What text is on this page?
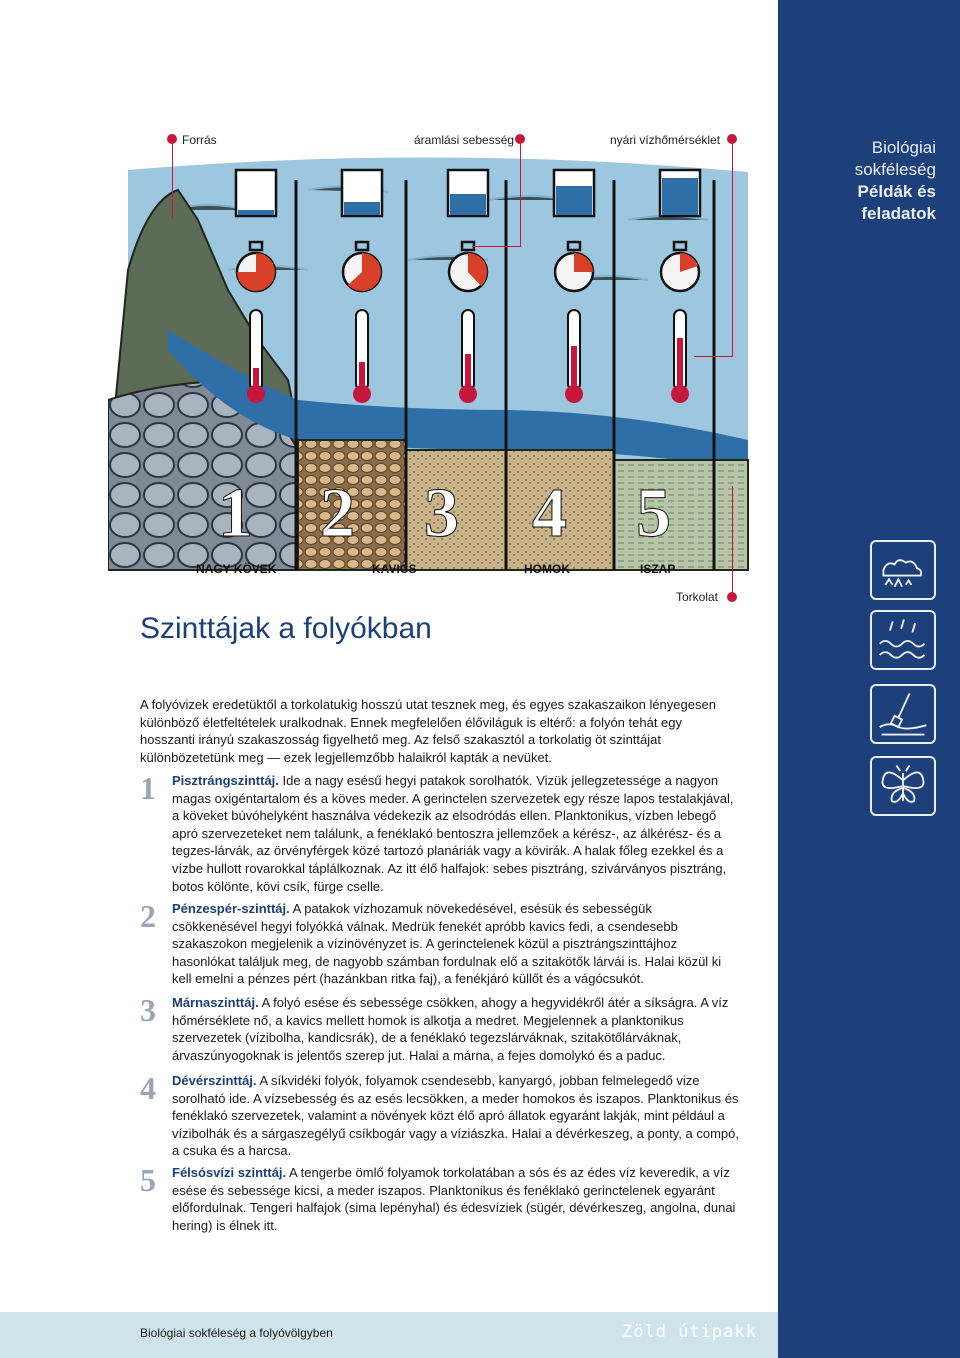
Biológiai
sokféleség
Példák és
feladatok
Forrás	áramlási sebesség	nyári vízhőmérséklet
Torkolat
1 2 3 4 5
NAGY KÖVEK	KAVICS	HOMOK	ISZAP
Szinttájak a folyókban

A folyóvizek eredetüktől a torkolatukig hosszú utat tesznek meg, és egyes szakaszaikon lényegesen különböző életfeltételek uralkodnak. Ennek megfelelően élőviláguk is eltérő: a folyón tehát egy hosszanti irányú szakaszosság figyelhető meg. Az felső szakasztól a torkolatig öt szinttájat különbözetetünk meg — ezek legjellemzőbb halaikról kapták a nevüket.

1 Pisztrángszinttáj. Ide a nagy esésű hegyi patakok sorolhatók. Vizük jellegzetessége a nagyon magas oxigéntartalom és a köves meder. A gerinctelen szervezetek egy része lapos testalakjával, a köveket búvóhelyként használva védekezik az elsodródás ellen. Planktonikus, vízben lebegő apró szervezeteket nem találunk, a fenéklakó bentoszra jellemzőek a kérész-, az álkérész- és a tegzes-lárvák, az örvényférgek közé tartozó planáriák vagy a kövirák. A halak főleg ezekkel és a vízbe hullott rovarokkal táplálkoznak. Az itt élő halfajok: sebes pisztráng, szivárványos pisztráng, botos kölönte, kövi csík, fürge cselle.

2 Pénzespér-szinttáj. A patakok vízhozamuk növekedésével, esésük és sebességük csökkenésével hegyi folyókká válnak. Medrük fenekét apróbb kavics fedi, a csendesebb szakaszokon megjelenik a vízinövényzet is. A gerinctelenek közül a pisztrángszinttájhoz hasonlókat találjuk meg, de nagyobb számban fordulnak elő a szitakötők lárvái is. Halai közül ki kell emelni a pénzes pért (hazánkban ritka faj), a fenékjáró küllőt és a vágócsukót.

3 Márnaszinttáj. A folyó esése és sebessége csökken, ahogy a hegyvidékről átér a síkságra. A víz hőmérséklete nő, a kavics mellett homok is alkotja a medret. Megjelennek a planktonikus szervezetek (vízibolha, kandicsrák), de a fenéklakó tegezslárváknak, szitakötőlárváknak, árvaszúnyogoknak is jelentős szerep jut. Halai a márna, a fejes domolykó és a paduc.

4 Dévérszinttáj. A síkvidéki folyók, folyamok csendesebb, kanyargó, jobban felmelegedő vize sorolható ide. A vízsebesség és az esés lecsökken, a meder homokos és iszapos. Planktonikus és fenéklakó szervezetek, valamint a növények közt élő apró állatok egyaránt lakják, mint például a vízibolhák és a sárgaszegélyű csíkbogár vagy a víziászka. Halai a dévérkeszeg, a ponty, a compó, a csuka és a harcsa.

5 Félsósvízi szinttáj. A tengerbe ömlő folyamok torkolatában a sós és az édes víz keveredik, a víz esése és sebessége kicsi, a meder iszapos. Planktonikus és fenéklakó gerinctelenek egyaránt előfordulnak. Tengeri halfajok (sima lepényhal) és édesvíziek (sügér, dévérkeszeg, angolna, dunai hering) is élnek itt.

Biológiai sokféleség a folyóvölgyben	Zöld útipakk	37
